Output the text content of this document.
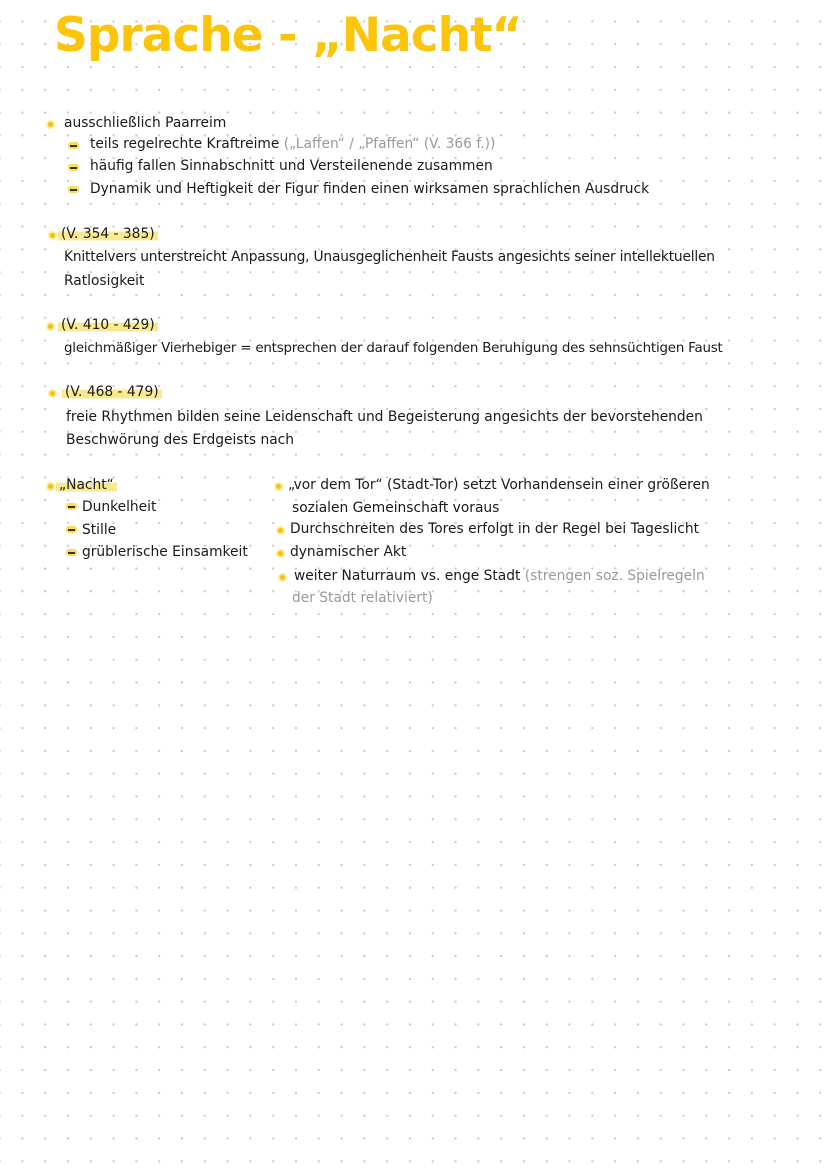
Sprache - „Nacht“
ausschließlich Paarreim
teils regelrechte Kraftreime („Laffen“ / „Pfaffen“ (V. 366 f.))
häufig fallen Sinnabschnitt und Versteilenende zusammen
Dynamik und Heftigkeit der Figur finden einen wirksamen sprachlichen Ausdruck
(V. 354 - 385)
Knittelvers unterstreicht Anpassung, Unausgeglichenheit Fausts angesichts seiner intellektuellen
Ratlosigkeit
(V. 410 - 429)
gleichmäßiger Vierhebiger = entsprechen der darauf folgenden Beruhigung des sehnsüchtigen Faust
(V. 468 - 479)
freie Rhythmen bilden seine Leidenschaft und Begeisterung angesichts der bevorstehenden
Beschwörung des Erdgeists nach
„Nacht“
Dunkelheit
Stille
grüblerische Einsamkeit
„vor dem Tor“ (Stadt-Tor) setzt Vorhandensein einer größeren
sozialen Gemeinschaft voraus
Durchschreiten des Tores erfolgt in der Regel bei Tageslicht
dynamischer Akt
weiter Naturraum vs. enge Stadt (strengen soz. Spielregeln
der Stadt relativiert)
